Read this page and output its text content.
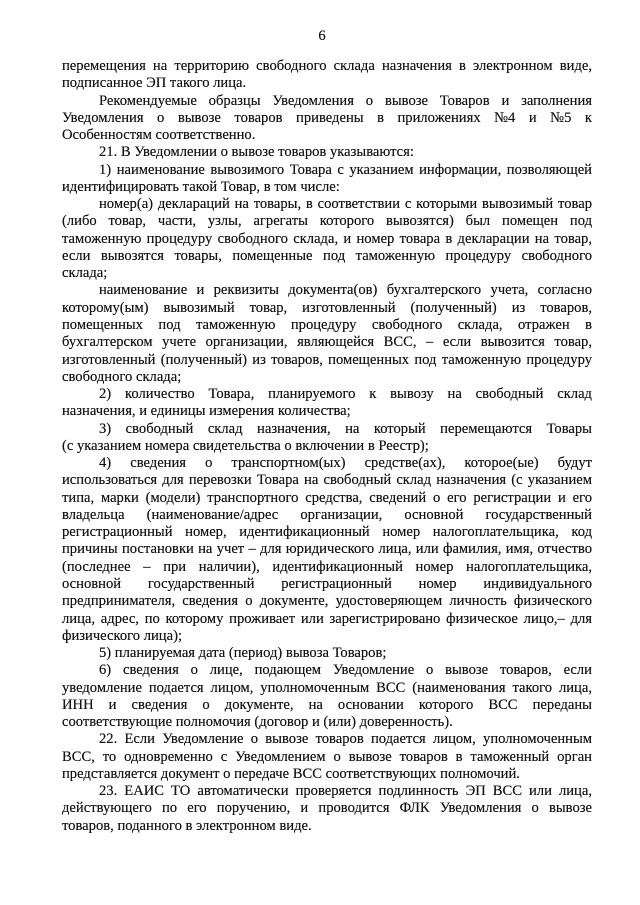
6
перемещения на территорию свободного склада назначения в электронном виде,
подписанное ЭП такого лица.
Рекомендуемые образцы Уведомления о вывозе Товаров и заполнения
Уведомления о вывозе товаров приведены в приложениях №4 и №5 к
Особенностям соответственно.
21. В Уведомлении о вывозе товаров указываются:
1) наименование вывозимого Товара с указанием информации, позволяющей
идентифицировать такой Товар, в том числе:
номер(а) деклараций на товары, в соответствии с которыми вывозимый товар
(либо товар, части, узлы, агрегаты которого вывозятся) был помещен под
таможенную процедуру свободного склада, и номер товара в декларации на товар,
если вывозятся товары, помещенные под таможенную процедуру свободного
склада;
наименование и реквизиты документа(ов) бухгалтерского учета, согласно
которому(ым) вывозимый товар, изготовленный (полученный) из товаров,
помещенных под таможенную процедуру свободного склада, отражен в
бухгалтерском учете организации, являющейся ВСС, – если вывозится товар,
изготовленный (полученный) из товаров, помещенных под таможенную процедуру
свободного склада;
2) количество Товара, планируемого к вывозу на свободный склад
назначения, и единицы измерения количества;
3) свободный склад назначения, на который перемещаются Товары
(с указанием номера свидетельства о включении в Реестр);
4) сведения о транспортном(ых) средстве(ах), которое(ые) будут
использоваться для перевозки Товара на свободный склад назначения (с указанием
типа, марки (модели) транспортного средства, сведений о его регистрации и его
владельца (наименование/адрес организации, основной государственный
регистрационный номер, идентификационный номер налогоплательщика, код
причины постановки на учет – для юридического лица, или фамилия, имя, отчество
(последнее – при наличии), идентификационный номер налогоплательщика,
основной государственный регистрационный номер индивидуального
предпринимателя, сведения о документе, удостоверяющем личность физического
лица, адрес, по которому проживает или зарегистрировано физическое лицо,– для
физического лица);
5) планируемая дата (период) вывоза Товаров;
6) сведения о лице, подающем Уведомление о вывозе товаров, если
уведомление подается лицом, уполномоченным ВСС (наименования такого лица,
ИНН и сведения о документе, на основании которого ВСС переданы
соответствующие полномочия (договор и (или) доверенность).
22. Если Уведомление о вывозе товаров подается лицом, уполномоченным
ВСС, то одновременно с Уведомлением о вывозе товаров в таможенный орган
представляется документ о передаче ВСС соответствующих полномочий.
23. ЕАИС ТО автоматически проверяется подлинность ЭП ВСС или лица,
действующего по его поручению, и проводится ФЛК Уведомления о вывозе
товаров, поданного в электронном виде.
